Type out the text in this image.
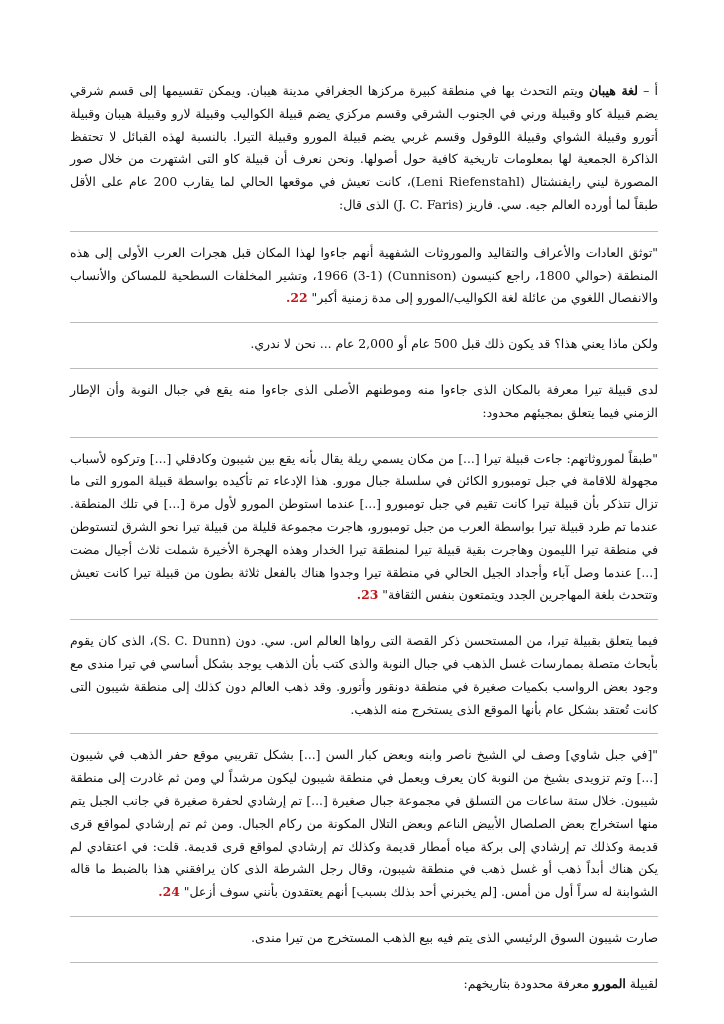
أ – لغة هيبان ويتم التحدث بها في منطقة كبيرة مركزها الجغرافي مدينة هيبان. ويمكن تقسيمها إلى قسم شرقي يضم قبيلة كاو وقبيلة ورني في الجنوب الشرقي وقسم مركزي يضم قبيلة الكواليب وقبيلة لارو وقبيلة هيبان وقبيلة أتورو وقبيلة الشواي وقبيلة اللوقول وقسم غربي يضم قبيلة المورو وقبيلة التيرا. بالنسبة لهذه القبائل لا تحتفظ الذاكرة الجمعية لها بمعلومات تاريخية كافية حول أصولها. ونحن نعرف أن قبيلة كاو التى اشتهرت من خلال صور المصورة ليني رايفنشتال (Leni Riefenstahl)، كانت تعيش في موقعها الحالي لما يقارب 200 عام على الأقل طبقاً لما أورده العالم جيه. سي. فاريز (J. C. Faris) الذى قال:

"توثق العادات والأعراف والتقاليد والموروثات الشفهية أنهم جاءوا لهذا المكان قبل هجرات العرب الأولى إلى هذه المنطقة (حوالي 1800، راجع كنيسون (Cunnison) 1966 (3-1)، وتشير المخلفات السطحية للمساكن والأنساب والانفصال اللغوي من عائلة لغة الكواليب/المورو إلى مدة زمنية أكبر" 22.

ولكن ماذا يعني هذا؟ قد يكون ذلك قبل 500 عام أو 2,000 عام ... نحن لا ندري.

لدى قبيلة تيرا معرفة بالمكان الذى جاءوا منه وموطنهم الأصلى الذى جاءوا منه يقع في جبال النوبة وأن الإطار الزمني فيما يتعلق بمجيئهم محدود:

"طبقاً لموروثاتهم: جاءت قبيلة تيرا [...] من مكان يسمي ريلة يقال بأنه يقع بين شيبون وكادقلي [...] وتركوه لأسباب مجهولة للاقامة في جبل تومبورو الكائن في سلسلة جبال مورو. هذا الإدعاء تم تأكيده بواسطة قبيلة المورو التى ما تزال تتذكر بأن قبيلة تيرا كانت تقيم في جبل تومبورو [...] عندما استوطن المورو لأول مرة [...] في تلك المنطقة. عندما تم طرد قبيلة تيرا بواسطة العرب من جبل تومبورو، هاجرت مجموعة قليلة من قبيلة تيرا نحو الشرق لتستوطن في منطقة تيرا الليمون وهاجرت بقية قبيلة تيرا لمنطقة تيرا الخدار وهذه الهجرة الأخيرة شملت ثلاث أجيال مضت [...] عندما وصل آباء وأجداد الجيل الحالي في منطقة تيرا وجدوا هناك بالفعل ثلاثة بطون من قبيلة تيرا كانت تعيش وتتحدث بلغة المهاجرين الجدد ويتمتعون بنفس الثقافة" 23.

فيما يتعلق بقبيلة تيرا، من المستحسن ذكر القصة التى رواها العالم اس. سي. دون (S. C. Dunn)، الذى كان يقوم بأبحاث متصلة بممارسات غسل الذهب في جبال النوبة والذى كتب بأن الذهب يوجد بشكل أساسي في تيرا مندى مع وجود بعض الرواسب بكميات صغيرة في منطقة دونقور وأتورو. وقد ذهب العالم دون كذلك إلى منطقة شيبون التى كانت تُعتقد بشكل عام بأنها الموقع الذى يستخرج منه الذهب.

"[في جبل شاوي] وصف لي الشيخ ناصر وابنه وبعض كبار السن [...] بشكل تقريبي موقع حفر الذهب في شيبون [...] وتم تزويدى بشيخ من النوبة كان يعرف ويعمل في منطقة شيبون ليكون مرشداً لي ومن ثم غادرت إلى منطقة شيبون. خلال ستة ساعات من التسلق في مجموعة جبال صغيرة [...] تم إرشادي لحفرة صغيرة في جانب الجبل يتم منها استخراج بعض الصلصال الأبيض الناعم وبعض التلال المكونة من ركام الجبال. ومن ثم تم إرشادي لمواقع قرى قديمة وكذلك تم إرشادي إلى بركة مياه أمطار قديمة وكذلك تم إرشادي لمواقع قرى قديمة. قلت: في اعتقادي لم يكن هناك أبداً ذهب أو غسل ذهب في منطقة شيبون، وقال رجل الشرطة الذى كان يرافقني هذا بالضبط ما قاله الشوابنة له سراً أول من أمس. [لم يخبرني أحد بذلك بسبب] أنهم يعتقدون بأنني سوف أزعل" 24.

صارت شيبون السوق الرئيسي الذى يتم فيه بيع الذهب المستخرج من تيرا مندى.

لقبيلة المورو معرفة محدودة بتاريخهم:
